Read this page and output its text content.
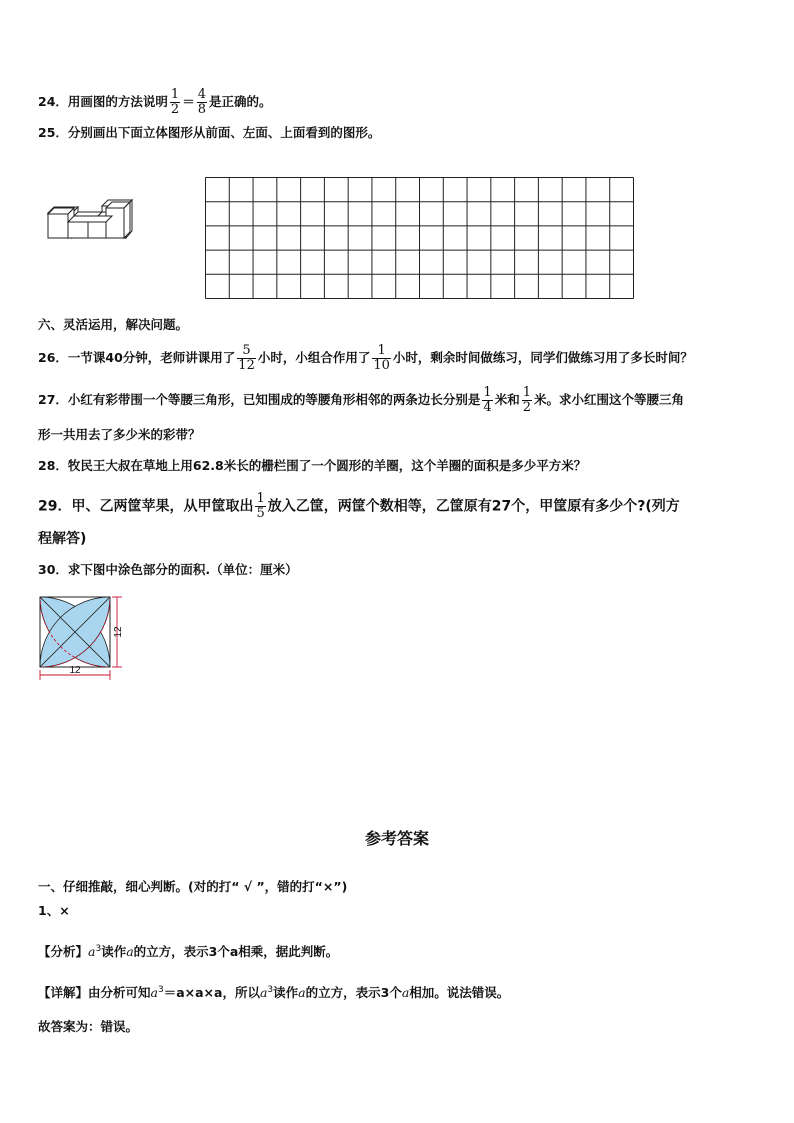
24．用画图的方法说明 $\frac{1}{2} = \frac{4}{8}$ 是正确的。
25．分别画出下面立体图形从前面、左面、上面看到的图形。
六、灵活运用，解决问题。
26．一节课40分钟，老师讲课用了 $\frac{5}{12}$ 小时，小组合作用了 $\frac{1}{10}$ 小时，剩余时间做练习，同学们做练习用了多长时间？
27．小红有彩带围一个等腰三角形，已知围成的等腰角形相邻的两条边长分别是 $\frac{1}{4}$ 米和 $\frac{1}{2}$ 米。求小红围这个等腰三角
形一共用去了多少米的彩带？
28．牧民王大叔在草地上用62.8米长的栅栏围了一个圆形的羊圈，这个羊圈的面积是多少平方米？
29．甲、乙两筐苹果，从甲筐取出 $\frac{1}{5}$ 放入乙筐，两筐个数相等，乙筐原有27个，甲筐原有多少个?(列方
程解答)
30．求下图中涂色部分的面积.（单位：厘米）
12
12
参考答案
一、仔细推敲，细心判断。(对的打“ √ ”，错的打“×”)
1、×
【分析】$a^3$读作a的立方，表示3个a相乘，据此判断。
【详解】由分析可知$a^3=a\times a\times a$，所以$a^3$读作a的立方，表示3个a相加。说法错误。
故答案为：错误。
